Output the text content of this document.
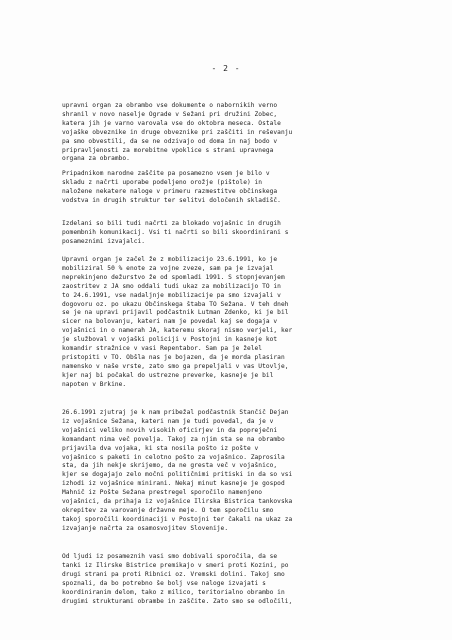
- 2 -
upravni organ za obrambo vse dokumente o nabornikih verno
shranil v novo naselje Ograde v Sežani pri družini Zobec,
katera jih je varno varovala vse do oktobra meseca. Ostale
vojaške obveznike in druge obveznike pri zaščiti in reševanju
pa smo obvestili, da se ne odzivajo od doma in naj bodo v
pripravljenosti za morebitne vpoklice s strani upravnega
organa za obrambo.
Pripadnikom narodne zaščite pa posamezno vsem je bilo v
skladu z načrti uporabe podeljeno orožje (pištole) in
naložene nekatere naloge v primeru razmestitve občinskega
vodstva in drugih struktur ter selitvi določenih skladišč.
Izdelani so bili tudi načrti za blokado vojašnic in drugih
pomembnih komunikacij. Vsi ti načrti so bili skoordinirani s
posameznimi izvajalci.
Upravni organ je začel že z mobilizacijo 23.6.1991, ko je
mobiliziral 50 % enote za vojne zveze, sam pa je izvajal
neprekinjeno dežurstvo že od spomladi 1991. S stopnjevanjem
zaostritev z JA smo oddali tudi ukaz za mobilizacijo TO in
to 24.6.1991, vse nadaljnje mobilizacije pa smo izvajali v
dogovoru oz. po ukazu Občinskega štaba TO Sežana. V teh dneh
se je na upravi prijavil podčastnik Lutman Zdenko, ki je bil
sicer na bolovanju, kateri nam je povedal kaj se dogaja v
vojašnici in o namerah JA, kateremu skoraj nismo verjeli, ker
je služboval v vojaški policiji v Postojni in kasneje kot
komandir stražnice v vasi Repentabor. Sam pa je želel
pristopiti v TO. Obšla nas je bojazen, da je morda plasiran
namensko v naše vrste, zato smo ga prepeljali v vas Utovlje,
kjer naj bi počakal do ustrezne preverke, kasneje je bil
napoten v Brkine.
26.6.1991 zjutraj je k nam pribežal podčastnik Stančič Dejan
iz vojašnice Sežana, kateri nam je tudi povedal, da je v
vojašnici veliko novih visokih oficirjev in da popreječni
komandant nima več povelja. Takoj za njim sta se na obrambo
prijavila dva vojaka, ki sta nosila pošto iz pošte v
vojašnico s paketi in celotno pošto za vojašnico. Zaprosila
sta, da jih nekje skrijemo, da ne gresta več v vojašnico,
kjer se dogajajo zelo močni političnimi pritiski in da so vsi
izhodi iz vojašnice minirani. Nekaj minut kasneje je gospod
Mahnič iz Pošte Sežana prestregel sporočilo namenjeno
vojašnici, da prihaja iz vojašnice Ilirska Bistrica tankovska
okrepitev za varovanje državne meje. O tem sporočilu smo
takoj sporočili koordinaciji v Postojni ter čakali na ukaz za
izvajanje načrta za osamosvojitev Slovenije.
Od ljudi iz posameznih vasi smo dobivali sporočila, da se
tanki iz Ilirske Bistrice premikajo v smeri proti Kozini, po
drugi strani pa proti Ribnici oz. Vremski dolini. Takoj smo
spoznali, da bo potrebno še bolj vse naloge izvajati s
koordiniranim delom, tako z milico, teritorialno obrambo in
drugimi strukturami obrambe in zaščite. Zato smo se odločili,
